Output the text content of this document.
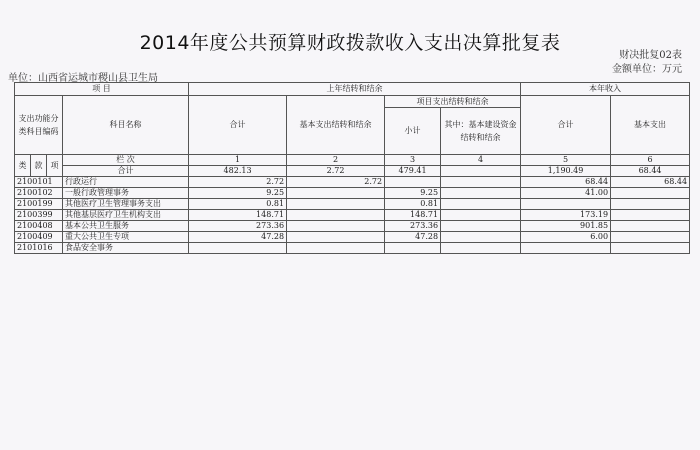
2014年度公共预算财政拨款收入支出决算批复表
财决批复02表
金额单位：万元
单位：山西省运城市稷山县卫生局
项 目				上年结转和结余				本年收入	
支出功能分类科目编码			科目名称	合计	基本支出结转和结余	项目支出结转和结余		合计	基本支出
						小计	其中：基本建设资金结转和结余		
类	款	项	栏 次	1	2	3	4	5	6
			合计	482.13	2.72	479.41		1,190.49	68.44
2100101			行政运行	2.72	2.72			68.44	68.44
2100102			一般行政管理事务	9.25		9.25		41.00	
2100199			其他医疗卫生管理事务支出	0.81		0.81			
2100399			其他基层医疗卫生机构支出	148.71		148.71		173.19	
2100408			基本公共卫生服务	273.36		273.36		901.85	
2100409			重大公共卫生专项	47.28		47.28		6.00	
2101016			食品安全事务						
